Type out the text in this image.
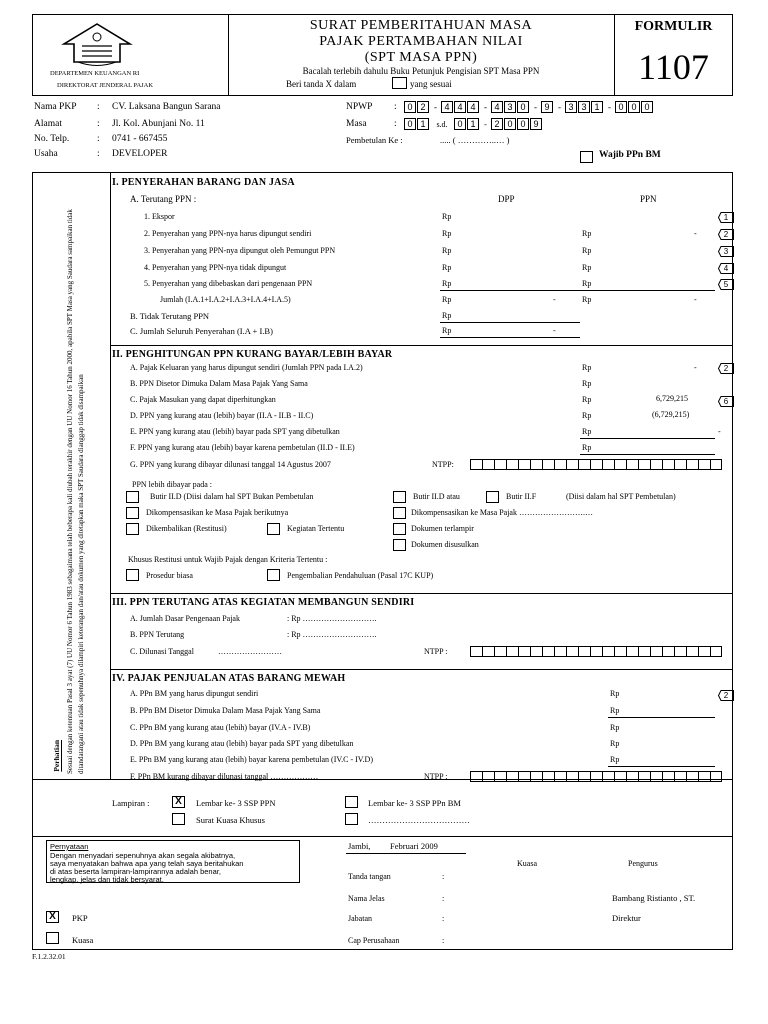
DEPARTEMEN KEUANGAN RI
DIREKTORAT JENDERAL PAJAK
SURAT PEMBERITAHUAN MASA
PAJAK PERTAMBAHAN NILAI
(SPT MASA PPN)
Bacalah terlebih dahulu Buku Petunjuk Pengisian SPT Masa PPN
Beri tanda X dalam	yang sesuai
FORMULIR
1107
Nama PKP : CV. Laksana Bangun Sarana
Alamat	: Jl. Kol. Abunjani No. 11
No. Telp.	: 0741 - 667455
Usaha	: DEVELOPER
NPWP :	0 2 - 4 4 4 - 4 3 0 - 9 - 3 3 1 - 0 0 0
Masa	:	0 1	s.d.	0 1	- 2 0 0 9
Pembetulan Ke :	..... ( …………..… )
Wajib PPn BM
Perhatian Sesuai dengan ketentuan Pasal 3 ayat (7) UU Nomor 6 Tahun 1983 sebagaimana telah beberapa kali diubah terakhir dengan UU Nomor 16 Tahun 2000, apabila SPT Masa yang Saudara sampaikan tidak ditandatangani atau tidak sepenuhnya dilampiri keterangan dan/atau dokumen yang ditetapkan maka SPT Saudara dianggap tidak disampaikan
I. PENYERAHAN BARANG DAN JASA
DPP	PPN
A. Terutang PPN :
1. Ekspor	Rp	1
2. Penyerahan yang PPN-nya harus dipungut sendiri	Rp	Rp	-	2
3. Penyerahan yang PPN-nya dipungut oleh Pemungut PPN	Rp	Rp	3
4. Penyerahan yang PPN-nya tidak dipungut	Rp	Rp	4
5. Penyerahan yang dibebaskan dari pengenaan PPN	Rp	Rp	5
Jumlah (I.A.1+I.A.2+I.A.3+I.A.4+I.A.5)	Rp	-	Rp	-
B. Tidak Terutang PPN	Rp
C. Jumlah Seluruh Penyerahan (I.A + I.B)	Rp	-
II. PENGHITUNGAN PPN KURANG BAYAR/LEBIH BAYAR
A. Pajak Keluaran yang harus dipungut sendiri (Jumlah PPN pada I.A.2)	Rp	-	2
B. PPN Disetor Dimuka Dalam Masa Pajak Yang Sama	Rp
C. Pajak Masukan yang dapat diperhitungkan	Rp	6,729,215	6
D. PPN yang kurang atau (lebih) bayar (II.A - II.B - II.C)	Rp	(6,729,215)
E. PPN yang kurang atau (lebih) bayar pada SPT yang dibetulkan	Rp	-
F. PPN yang kurang atau (lebih) bayar karena pembetulan (II.D - II.E)	Rp
G. PPN yang kurang dibayar dilunasi tanggal 14 Agustus 2007	NTPP:
PPN lebih dibayar pada :
Butir II.D (Diisi dalam hal SPT Bukan Pembetulan	Butir II.D atau	Butir II.F	(Diisi dalam hal SPT Pembetulan)
Dikompensasikan ke Masa Pajak berikutnya	Dikompensasikan ke Masa Pajak …………………….…
Dikembalikan (Restitusi)	Kegiatan Tertentu	Dokumen terlampir
Dokumen disusulkan
Khusus Restitusi untuk Wajib Pajak dengan Kriteria Tertentu :
Prosedur biasa	Pengembalian Pendahuluan (Pasal 17C KUP)
III. PPN TERUTANG ATAS KEGIATAN MEMBANGUN SENDIRI
A. Jumlah Dasar Pengenaan Pajak	: Rp ……………………….
B. PPN Terutang	: Rp ……………………….
C. Dilunasi Tanggal	……………………	NTPP :
IV. PAJAK PENJUALAN ATAS BARANG MEWAH
A. PPn BM yang harus dipungut sendiri	Rp	2
B. PPn BM Disetor Dimuka Dalam Masa Pajak Yang Sama	Rp
C. PPn BM yang kurang atau (lebih) bayar (IV.A - IV.B)	Rp
D. PPn BM yang kurang atau (lebih) bayar pada SPT yang dibetulkan	Rp
E. PPn BM yang kurang atau (lebih) bayar karena pembetulan (IV.C - IV.D)	Rp
F. PPn BM kurang dibayar dilunasi tanggal ………………	NTPP :
Lampiran :	X	Lembar ke- 3 SSP PPN	Lembar ke- 3 SSP PPn BM
Surat Kuasa Khusus	………………………………
Pernyataan
Dengan menyadari sepenuhnya akan segala akibatnya,
saya menyatakan bahwa apa yang telah saya beritahukan
di atas beserta lampiran-lampirannya adalah benar,
lengkap, jelas dan tidak bersyarat.
X	PKP
Kuasa
Jambi, Februari 2009
Kuasa	Pengurus
Tanda tangan	:
Nama Jelas	:	Bambang Ristianto , ST.
Jabatan	:	Direktur
Cap Perusahaan	:
F.1.2.32.01
